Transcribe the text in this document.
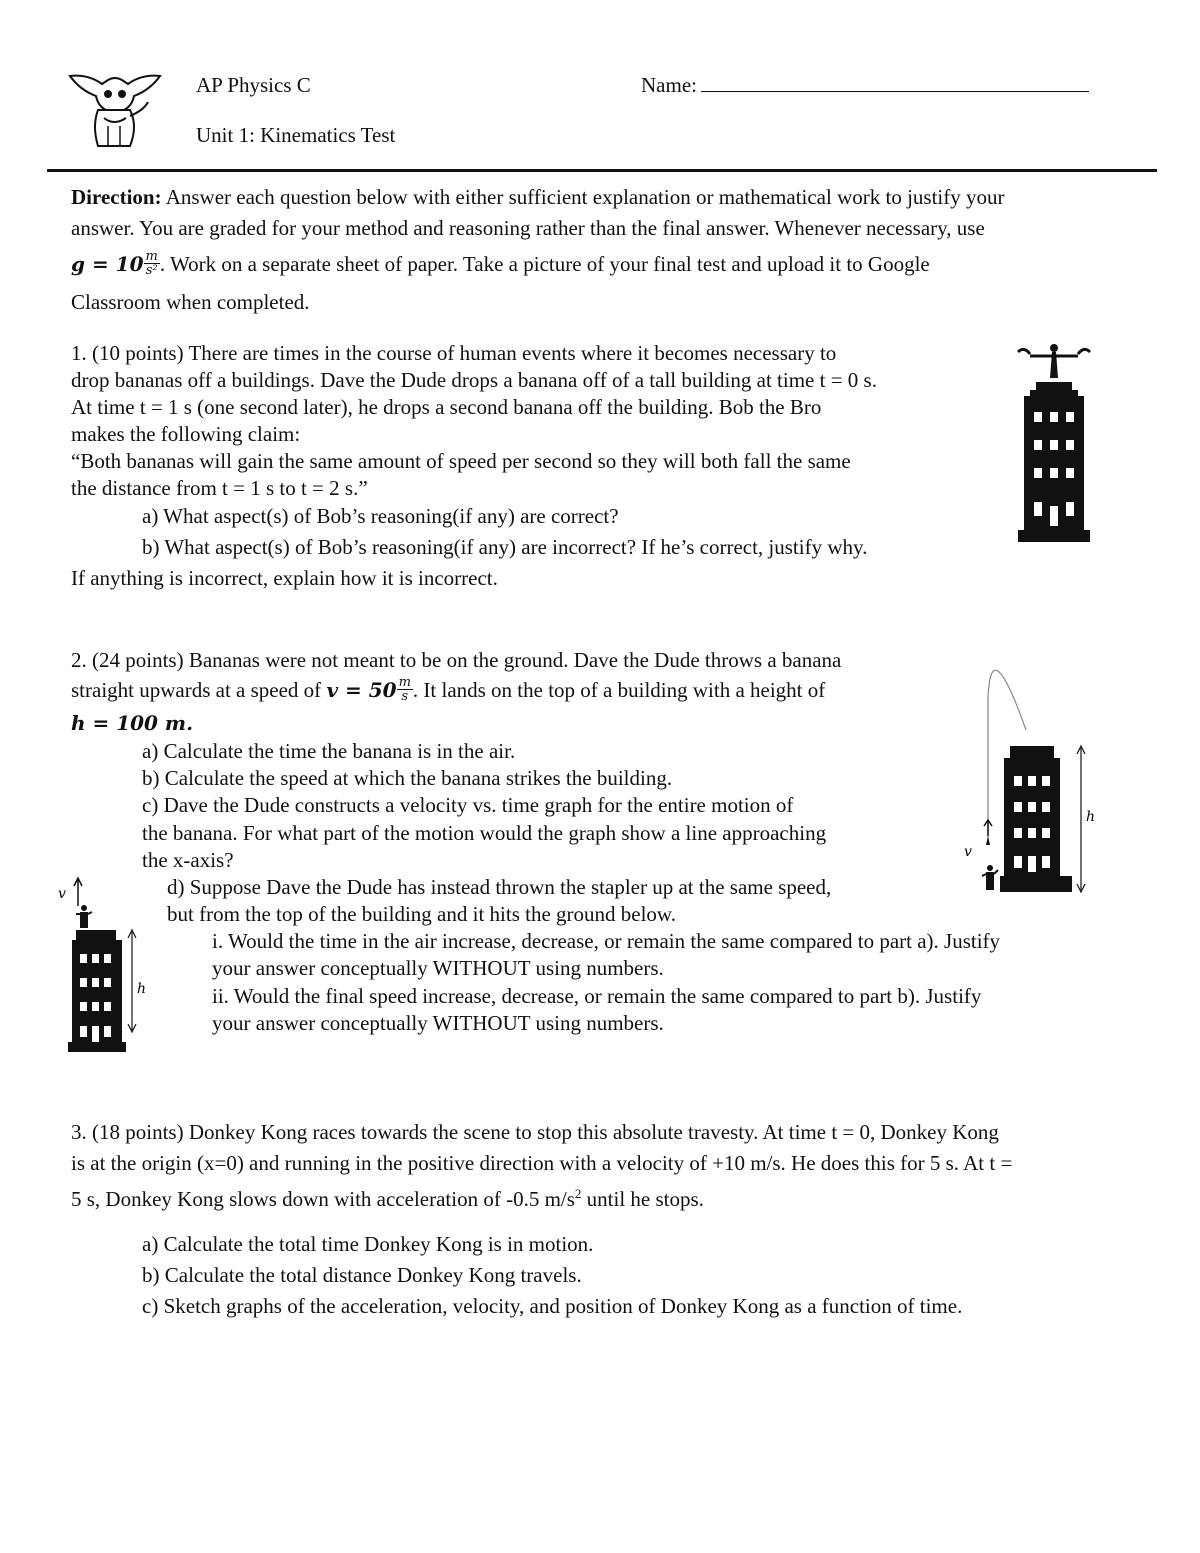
AP Physics C
Unit 1: Kinematics Test
Name:
Direction: Answer each question below with either sufficient explanation or mathematical work to justify your
answer. You are graded for your method and reasoning rather than the final answer. Whenever necessary, use
$g = 10 \frac{m}{\text{s²}}$ . Work on a separate sheet of paper. Take a picture of your final test and upload it to Google
Classroom when completed.
1. (10 points) There are times in the course of human events where it becomes necessary to
drop bananas off a buildings. Dave the Dude drops a banana off of a tall building at time t = 0 s.
At time t = 1 s (one second later), he drops a second banana off the building. Bob the Bro
makes the following claim:
“Both bananas will gain the same amount of speed per second so they will both fall the same
the distance from t = 1 s to t = 2 s.”
a) What aspect(s) of Bob’s reasoning(if any) are correct?
b) What aspect(s) of Bob’s reasoning(if any) are incorrect? If he’s correct, justify why.
If anything is incorrect, explain how it is incorrect.
2. (24 points) Bananas were not meant to be on the ground. Dave the Dude throws a banana
straight upwards at a speed of $v = 50 \frac{m}{s}$ . It lands on the top of a building with a height of
h = 100 m.
a) Calculate the time the banana is in the air.
b) Calculate the speed at which the banana strikes the building.
c) Dave the Dude constructs a velocity vs. time graph for the entire motion of
the banana. For what part of the motion would the graph show a line approaching
the x-axis?
d) Suppose Dave the Dude has instead thrown the stapler up at the same speed,
but from the top of the building and it hits the ground below.
i. Would the time in the air increase, decrease, or remain the same compared to part a). Justify
your answer conceptually WITHOUT using numbers.
ii. Would the final speed increase, decrease, or remain the same compared to part b). Justify
your answer conceptually WITHOUT using numbers.
h
v
v
h
3. (18 points) Donkey Kong races towards the scene to stop this absolute travesty. At time t = 0, Donkey Kong
is at the origin (x=0) and running in the positive direction with a velocity of +10 m/s. He does this for 5 s. At t =
5 s, Donkey Kong slows down with acceleration of -0.5 $m/s^2$ until he stops.
a) Calculate the total time Donkey Kong is in motion.
b) Calculate the total distance Donkey Kong travels.
c) Sketch graphs of the acceleration, velocity, and position of Donkey Kong as a function of time.
